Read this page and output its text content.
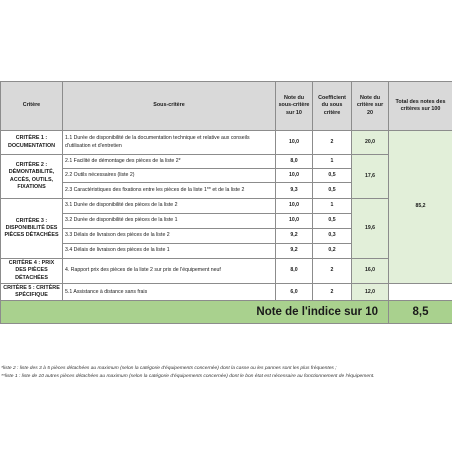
Critère	Sous-critère	Note du sous-critère sur 10	Coefficient du sous critère	Note du critère sur 20	Total des notes des critères sur 100
CRITÈRE 1 : DOCUMENTATION	1.1 Durée de disponibilité de la documentation technique et relative aux conseils d'utilisation et d'entretien	10,0	2	20,0	85,2
CRITÈRE 2 : DÉMONTABILITÉ, ACCÈS, OUTILS, FIXATIONS	2.1 Facilité de démontage des pièces de la liste 2*	8,0	1	17,6	
	2.2 Outils nécessaires (liste 2)	10,0	0,5		
	2.3 Caractéristiques des fixations entre les pièces de la liste 1** et de la liste 2	9,3	0,5		
CRITÈRE 3 : DISPONIBILITÉ DES PIÈCES DÉTACHÉES	3.1 Durée de disponibilité des pièces de la liste 2	10,0	1	19,6	
	3.2 Durée de disponibilité des pièces de la liste 1	10,0	0,5		
	3.3 Délais de livraison des pièces de la liste 2	9,2	0,3		
	3.4 Délais de livraison des pièces de la liste 1	9,2	0,2		
CRITÈRE 4 : PRIX DES PIÈCES DÉTACHÉES	4. Rapport prix des pièces de la liste 2 sur prix de l'équipement neuf	8,0	2	16,0	
CRITÈRE 5 : CRITÈRE SPÉCIFIQUE	5.1 Assistance à distance sans frais	6,0	2	12,0	
Note de l'indice sur 10					8,5
*liste 2 : liste des 3 à 5 pièces détachées au maximum (selon la catégorie d'équipements concernée) dont la casse ou les pannes sont les plus fréquentes ;
**liste 1 : liste de 10 autres pièces détachées au maximum (selon la catégorie d'équipements concernée) dont le bon état est nécessaire au fonctionnement de l'équipement.
